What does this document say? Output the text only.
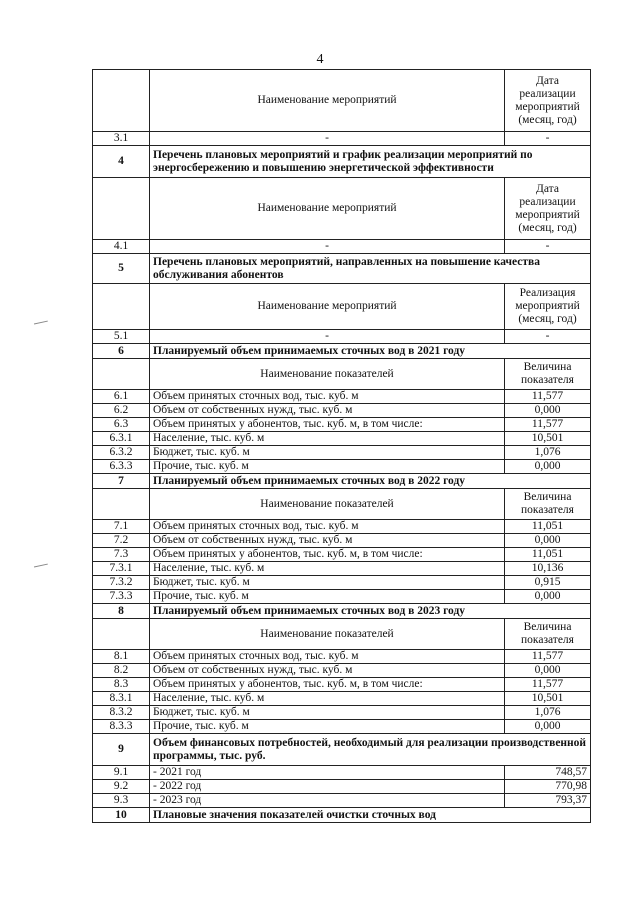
4
	Наименование мероприятий	Дата реализации мероприятий (месяц, год)
3.1	-	-
4	Перечень плановых мероприятий и график реализации мероприятий по энергосбережению и повышению энергетической эффективности	
	Наименование мероприятий	Дата реализации мероприятий (месяц, год)
4.1	-	-
5	Перечень плановых мероприятий, направленных на повышение качества обслуживания абонентов	
	Наименование мероприятий	Реализация мероприятий (месяц, год)
5.1	-	-
6	Планируемый объем принимаемых сточных вод в 2021 году	
	Наименование показателей	Величина показателя
6.1	Объем принятых сточных вод, тыс. куб. м	11,577
6.2	Объем от собственных нужд, тыс. куб. м	0,000
6.3	Объем принятых у абонентов, тыс. куб. м, в том числе:	11,577
6.3.1	Население, тыс. куб. м	10,501
6.3.2	Бюджет, тыс. куб. м	1,076
6.3.3	Прочие, тыс. куб. м	0,000
7	Планируемый объем принимаемых сточных вод в 2022 году	
	Наименование показателей	Величина показателя
7.1	Объем принятых сточных вод, тыс. куб. м	11,051
7.2	Объем от собственных нужд, тыс. куб. м	0,000
7.3	Объем принятых у абонентов, тыс. куб. м, в том числе:	11,051
7.3.1	Население, тыс. куб. м	10,136
7.3.2	Бюджет, тыс. куб. м	0,915
7.3.3	Прочие, тыс. куб. м	0,000
8	Планируемый объем принимаемых сточных вод в 2023 году	
	Наименование показателей	Величина показателя
8.1	Объем принятых сточных вод, тыс. куб. м	11,577
8.2	Объем от собственных нужд, тыс. куб. м	0,000
8.3	Объем принятых у абонентов, тыс. куб. м, в том числе:	11,577
8.3.1	Население, тыс. куб. м	10,501
8.3.2	Бюджет, тыс. куб. м	1,076
8.3.3	Прочие, тыс. куб. м	0,000
9	Объем финансовых потребностей, необходимый для реализации производственной программы, тыс. руб.	
9.1	- 2021 год	748,57
9.2	- 2022 год	770,98
9.3	- 2023 год	793,37
10	Плановые значения показателей очистки сточных вод	
